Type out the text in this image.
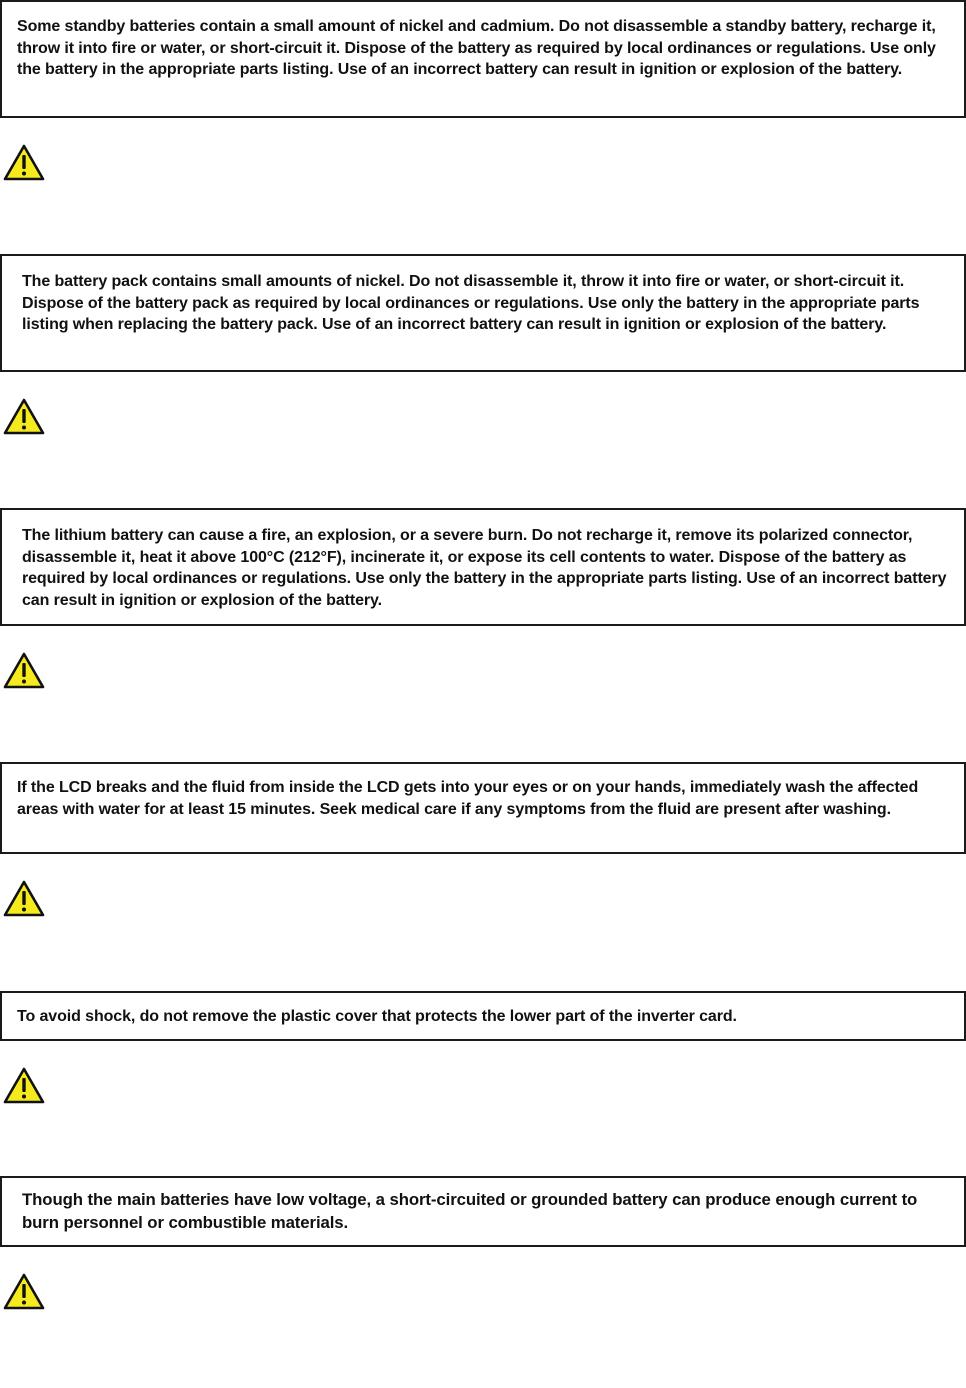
Some standby batteries contain a small amount of nickel and cadmium. Do not disassemble a standby battery, recharge it, throw it into fire or water, or short-circuit it. Dispose of the battery as required by local ordinances or regulations. Use only the battery in the appropriate parts listing. Use of an incorrect battery can result in ignition or explosion of the battery.

The battery pack contains small amounts of nickel. Do not disassemble it, throw it into fire or water, or short-circuit it. Dispose of the battery pack as required by local ordinances or regulations. Use only the battery in the appropriate parts listing when replacing the battery pack. Use of an incorrect battery can result in ignition or explosion of the battery.

The lithium battery can cause a fire, an explosion, or a severe burn. Do not recharge it, remove its polarized connector, disassemble it, heat it above 100°C (212°F), incinerate it, or expose its cell contents to water. Dispose of the battery as required by local ordinances or regulations. Use only the battery in the appropriate parts listing. Use of an incorrect battery can result in ignition or explosion of the battery.

If the LCD breaks and the fluid from inside the LCD gets into your eyes or on your hands, immediately wash the affected areas with water for at least 15 minutes. Seek medical care if any symptoms from the fluid are present after washing.

To avoid shock, do not remove the plastic cover that protects the lower part of the inverter card.

Though the main batteries have low voltage, a short-circuited or grounded battery can produce enough current to burn personnel or combustible materials.
